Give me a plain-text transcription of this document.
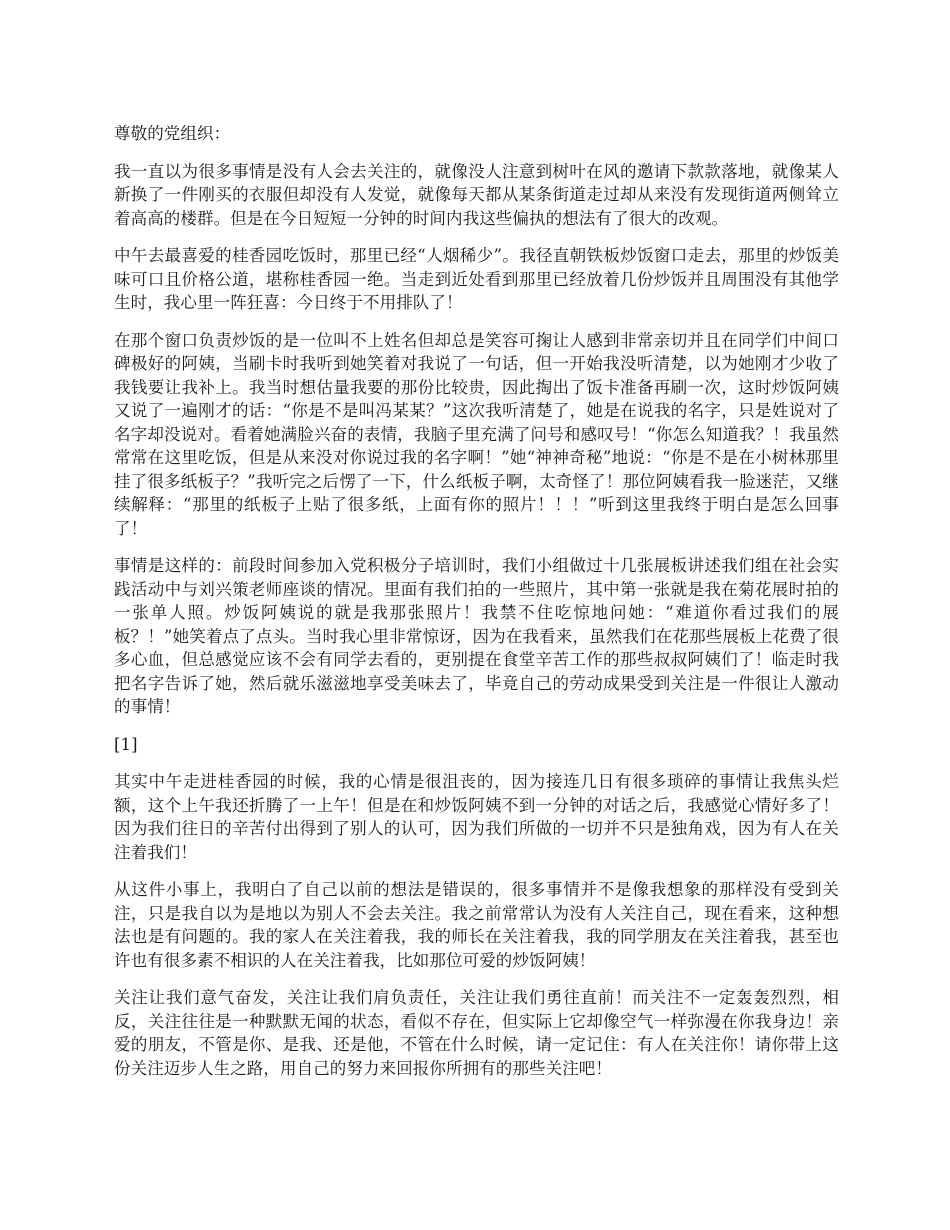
尊敬的党组织：

我一直以为很多事情是没有人会去关注的，就像没人注意到树叶在风的邀请下款款落地，就像某人新换了一件刚买的衣服但却没有人发觉，就像每天都从某条街道走过却从来没有发现街道两侧耸立着高高的楼群。但是在今日短短一分钟的时间内我这些偏执的想法有了很大的改观。

中午去最喜爱的桂香园吃饭时，那里已经“人烟稀少”。我径直朝铁板炒饭窗口走去，那里的炒饭美味可口且价格公道，堪称桂香园一绝。当走到近处看到那里已经放着几份炒饭并且周围没有其他学生时，我心里一阵狂喜：今日终于不用排队了！

在那个窗口负责炒饭的是一位叫不上姓名但却总是笑容可掬让人感到非常亲切并且在同学们中间口碑极好的阿姨，当刷卡时我听到她笑着对我说了一句话，但一开始我没听清楚，以为她刚才少收了我钱要让我补上。我当时想估量我要的那份比较贵，因此掏出了饭卡准备再刷一次，这时炒饭阿姨又说了一遍刚才的话：“你是不是叫冯某某？”这次我听清楚了，她是在说我的名字，只是姓说对了名字却没说对。看着她满脸兴奋的表情，我脑子里充满了问号和感叹号！“你怎么知道我？！我虽然常常在这里吃饭，但是从来没对你说过我的名字啊！”她“神神奇秘”地说：“你是不是在小树林那里挂了很多纸板子？”我听完之后愣了一下，什么纸板子啊，太奇怪了！那位阿姨看我一脸迷茫，又继续解释：“那里的纸板子上贴了很多纸，上面有你的照片！！！”听到这里我终于明白是怎么回事了！

事情是这样的：前段时间参加入党积极分子培训时，我们小组做过十几张展板讲述我们组在社会实践活动中与刘兴策老师座谈的情况。里面有我们拍的一些照片，其中第一张就是我在菊花展时拍的一张单人照。炒饭阿姨说的就是我那张照片！我禁不住吃惊地问她：“难道你看过我们的展板？！”她笑着点了点头。当时我心里非常惊讶，因为在我看来，虽然我们在花那些展板上花费了很多心血，但总感觉应该不会有同学去看的，更别提在食堂辛苦工作的那些叔叔阿姨们了！临走时我把名字告诉了她，然后就乐滋滋地享受美味去了，毕竟自己的劳动成果受到关注是一件很让人激动的事情！

[1]

其实中午走进桂香园的时候，我的心情是很沮丧的，因为接连几日有很多琐碎的事情让我焦头烂额，这个上午我还折腾了一上午！但是在和炒饭阿姨不到一分钟的对话之后，我感觉心情好多了！因为我们往日的辛苦付出得到了别人的认可，因为我们所做的一切并不只是独角戏，因为有人在关注着我们！

从这件小事上，我明白了自己以前的想法是错误的，很多事情并不是像我想象的那样没有受到关注，只是我自以为是地以为别人不会去关注。我之前常常认为没有人关注自己，现在看来，这种想法也是有问题的。我的家人在关注着我，我的师长在关注着我，我的同学朋友在关注着我，甚至也许也有很多素不相识的人在关注着我，比如那位可爱的炒饭阿姨！

关注让我们意气奋发，关注让我们肩负责任，关注让我们勇往直前！而关注不一定轰轰烈烈，相反，关注往往是一种默默无闻的状态，看似不存在，但实际上它却像空气一样弥漫在你我身边！亲爱的朋友，不管是你、是我、还是他，不管在什么时候，请一定记住：有人在关注你！请你带上这份关注迈步人生之路，用自己的努力来回报你所拥有的那些关注吧！
